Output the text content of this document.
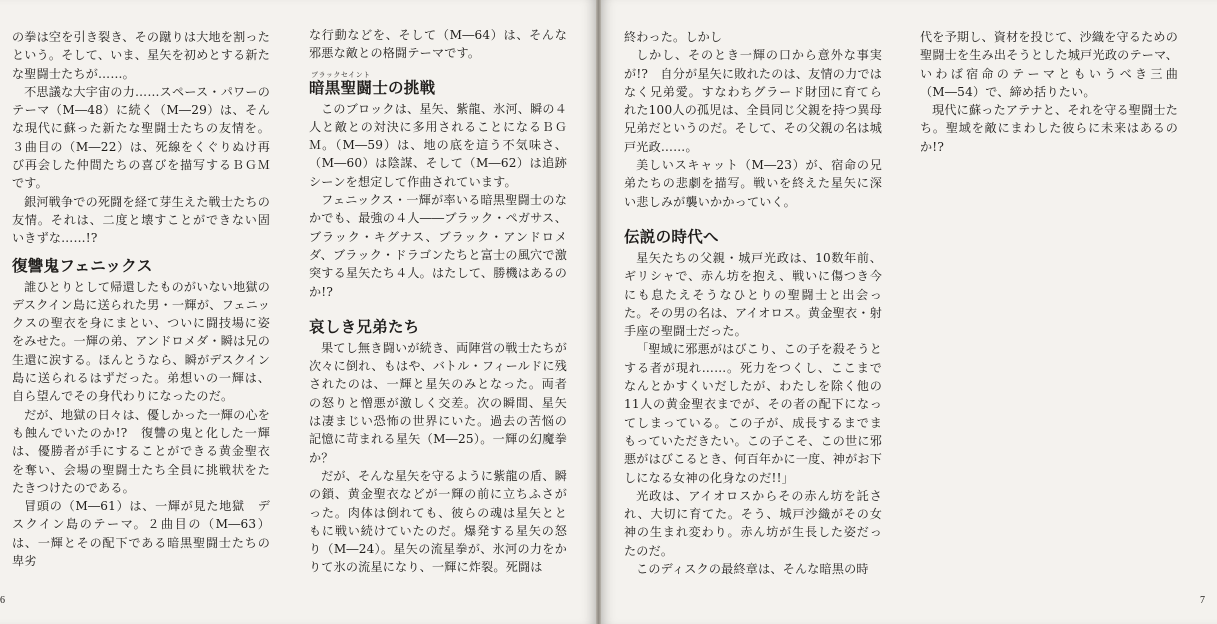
の拳は空を引き裂き、その蹴りは大地を割ったという。そして、いま、星矢を初めとする新たな聖闘士たちが……。

不思議な大宇宙の力……スペース・パワーのテーマ（M―48）に続く（M―29）は、そんな現代に蘇った新たな聖闘士たちの友情を。３曲目の（M―22）は、死線をくぐりぬけ再び再会した仲間たちの喜びを描写するＢＧＭです。

銀河戦争での死闘を経て芽生えた戦士たちの友情。それは、二度と壊すことができない固いきずな……!?

復讐鬼フェニックス

誰ひとりとして帰還したものがいない地獄のデスクイン島に送られた男・一輝が、フェニックスの聖衣を身にまとい、ついに闘技場に姿をみせた。一輝の弟、アンドロメダ・瞬は兄の生還に涙する。ほんとうなら、瞬がデスクイン島に送られるはずだった。弟想いの一輝は、自ら望んでその身代わりになったのだ。

だが、地獄の日々は、優しかった一輝の心をも蝕んでいたのか!?　復讐の鬼と化した一輝は、優勝者が手にすることができる黄金聖衣を奪い、会場の聖闘士たち全員に挑戦状をたたきつけたのである。

冒頭の（M―61）は、一輝が見た地獄　デスクイン島のテーマ。２曲目の（M―63）は、一輝とその配下である暗黒聖闘士たちの卑劣

な行動などを、そして（M―64）は、そんな邪悪な敵との格闘テーマです。

ブラックセイント
暗黒聖闘士の挑戦

このブロックは、星矢、紫龍、氷河、瞬の４人と敵との対決に多用されることになるＢＧＭ。（M―59）は、地の底を這う不気味さ、（M―60）は陰謀、そして（M―62）は追跡シーンを想定して作曲されています。

フェニックス・一輝が率いる暗黒聖闘士のなかでも、最強の４人――ブラック・ペガサス、ブラック・キグナス、ブラック・アンドロメダ、ブラック・ドラゴンたちと富士の風穴で激突する星矢たち４人。はたして、勝機はあるのか!?

哀しき兄弟たち

果てし無き闘いが続き、両陣営の戦士たちが次々に倒れ、もはや、バトル・フィールドに残されたのは、一輝と星矢のみとなった。両者の怒りと憎悪が激しく交差。次の瞬間、星矢は凄まじい恐怖の世界にいた。過去の苦悩の記憶に苛まれる星矢（M―25）。一輝の幻魔拳か？

だが、そんな星矢を守るように紫龍の盾、瞬の鎖、黄金聖衣などが一輝の前に立ちふさがった。肉体は倒れても、彼らの魂は星矢とともに戦い続けていたのだ。爆発する星矢の怒り（M―24）。星矢の流星拳が、氷河の力をかりて氷の流星になり、一輝に炸裂。死闘は

6

終わった。しかし

しかし、そのとき一輝の口から意外な事実が!?　自分が星矢に敗れたのは、友情の力ではなく兄弟愛。すなわちグラード財団に育てられた100人の孤児は、全員同じ父親を持つ異母兄弟だというのだ。そして、その父親の名は城戸光政……。

美しいスキャット（M―23）が、宿命の兄弟たちの悲劇を描写。戦いを終えた星矢に深い悲しみが襲いかかっていく。

伝説の時代へ

星矢たちの父親・城戸光政は、10数年前、ギリシャで、赤ん坊を抱え、戦いに傷つき今にも息たえそうなひとりの聖闘士と出会った。その男の名は、アイオロス。黄金聖衣・射手座の聖闘士だった。

「聖域に邪悪がはびこり、この子を殺そうとする者が現れ……。死力をつくし、ここまでなんとかすくいだしたが、わたしを除く他の11人の黄金聖衣までが、その者の配下になってしまっている。この子が、成長するまでまもっていただきたい。この子こそ、この世に邪悪がはびこるとき、何百年かに一度、神がお下しになる女神の化身なのだ!!」

光政は、アイオロスからその赤ん坊を託され、大切に育てた。そう、城戸沙織がその女神の生まれ変わり。赤ん坊が生長した姿だったのだ。

このディスクの最終章は、そんな暗黒の時

代を予期し、資材を投じて、沙織を守るための聖闘士を生み出そうとした城戸光政のテーマ、いわば宿命のテーマともいうべき三曲（M―54）で、締め括りたい。

現代に蘇ったアテナと、それを守る聖闘士たち。聖域を敵にまわした彼らに未来はあるのか!?

7
